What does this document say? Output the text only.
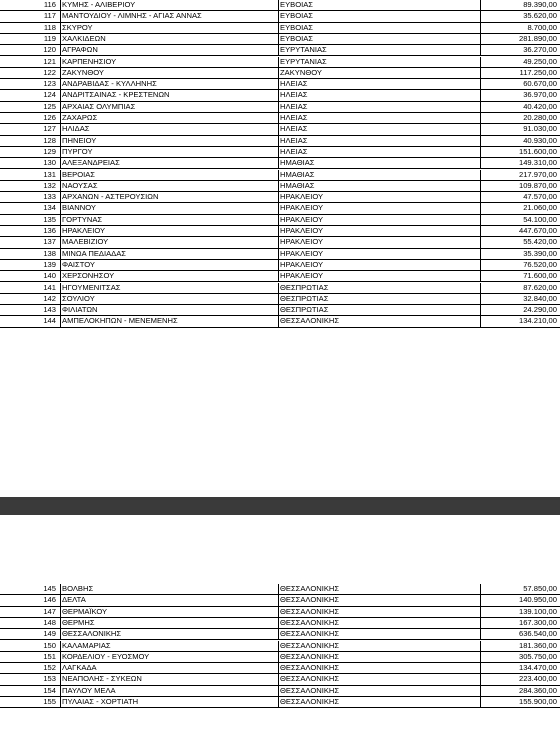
116 ΚΥΜΗΣ - ΑΛΙΒΕΡΙΟΥ	ΕΥΒΟΙΑΣ	89.390,00
117 ΜΑΝΤΟΥΔΙΟΥ - ΛΙΜΝΗΣ - ΑΓΙΑΣ ΑΝΝΑΣ	ΕΥΒΟΙΑΣ	35.620,00
118 ΣΚΥΡΟΥ	ΕΥΒΟΙΑΣ	8.700,00
119 ΧΑΛΚΙΔΕΩΝ	ΕΥΒΟΙΑΣ	281.890,00
120 ΑΓΡΑΦΩΝ	ΕΥΡΥΤΑΝΙΑΣ	36.270,00
121 ΚΑΡΠΕΝΗΣΙΟΥ	ΕΥΡΥΤΑΝΙΑΣ	49.250,00
122 ΖΑΚΥΝΘΟΥ	ΖΑΚΥΝΘΟΥ	117.250,00
123 ΑΝΔΡΑΒΙΔΑΣ - ΚΥΛΛΗΝΗΣ	ΗΛΕΙΑΣ	60.670,00
124 ΑΝΔΡΙΤΣΑΙΝΑΣ - ΚΡΕΣΤΕΝΩΝ	ΗΛΕΙΑΣ	36.970,00
125 ΑΡΧΑΙΑΣ ΟΛΥΜΠΙΑΣ	ΗΛΕΙΑΣ	40.420,00
126 ΖΑΧΑΡΩΣ	ΗΛΕΙΑΣ	20.280,00
127 ΗΛΙΔΑΣ	ΗΛΕΙΑΣ	91.030,00
128 ΠΗΝΕΙΟΥ	ΗΛΕΙΑΣ	40.930,00
129 ΠΥΡΓΟΥ	ΗΛΕΙΑΣ	151.600,00
130 ΑΛΕΞΑΝΔΡΕΙΑΣ	ΗΜΑΘΙΑΣ	149.310,00
131 ΒΕΡΟΙΑΣ	ΗΜΑΘΙΑΣ	217.970,00
132 ΝΑΟΥΣΑΣ	ΗΜΑΘΙΑΣ	109.870,00
133 ΑΡΧΑΝΩΝ - ΑΣΤΕΡΟΥΣΙΩΝ	ΗΡΑΚΛΕΙΟΥ	47.570,00
134 ΒΙΑΝΝΟΥ	ΗΡΑΚΛΕΙΟΥ	21.060,00
135 ΓΟΡΤΥΝΑΣ	ΗΡΑΚΛΕΙΟΥ	54.100,00
136 ΗΡΑΚΛΕΙΟΥ	ΗΡΑΚΛΕΙΟΥ	447.670,00
137 ΜΑΛΕΒΙΖΙΟΥ	ΗΡΑΚΛΕΙΟΥ	55.420,00
138 ΜΙΝΩΑ ΠΕΔΙΑΔΑΣ	ΗΡΑΚΛΕΙΟΥ	35.390,00
139 ΦΑΙΣΤΟΥ	ΗΡΑΚΛΕΙΟΥ	76.520,00
140 ΧΕΡΣΟΝΗΣΟΥ	ΗΡΑΚΛΕΙΟΥ	71.600,00
141 ΗΓΟΥΜΕΝΙΤΣΑΣ	ΘΕΣΠΡΩΤΙΑΣ	87.620,00
142 ΣΟΥΛΙΟΥ	ΘΕΣΠΡΩΤΙΑΣ	32.840,00
143 ΦΙΛΙΑΤΩΝ	ΘΕΣΠΡΩΤΙΑΣ	24.290,00
144 ΑΜΠΕΛΟΚΗΠΩΝ - ΜΕΝΕΜΕΝΗΣ	ΘΕΣΣΑΛΟΝΙΚΗΣ	134.210,00
145 ΒΟΛΒΗΣ	ΘΕΣΣΑΛΟΝΙΚΗΣ	57.850,00
146 ΔΕΛΤΑ	ΘΕΣΣΑΛΟΝΙΚΗΣ	140.950,00
147 ΘΕΡΜΑΪΚΟΥ	ΘΕΣΣΑΛΟΝΙΚΗΣ	139.100,00
148 ΘΕΡΜΗΣ	ΘΕΣΣΑΛΟΝΙΚΗΣ	167.300,00
149 ΘΕΣΣΑΛΟΝΙΚΗΣ	ΘΕΣΣΑΛΟΝΙΚΗΣ	636.540,00
150 ΚΑΛΑΜΑΡΙΑΣ	ΘΕΣΣΑΛΟΝΙΚΗΣ	181.360,00
151 ΚΟΡΔΕΛΙΟΥ - ΕΥΟΣΜΟΥ	ΘΕΣΣΑΛΟΝΙΚΗΣ	305.750,00
152 ΛΑΓΚΑΔΑ	ΘΕΣΣΑΛΟΝΙΚΗΣ	134.470,00
153 ΝΕΑΠΟΛΗΣ - ΣΥΚΕΩΝ	ΘΕΣΣΑΛΟΝΙΚΗΣ	223.400,00
154 ΠΑΥΛΟΥ ΜΕΛΑ	ΘΕΣΣΑΛΟΝΙΚΗΣ	284.360,00
155 ΠΥΛΑΙΑΣ - ΧΟΡΤΙΑΤΗ	ΘΕΣΣΑΛΟΝΙΚΗΣ	155.900,00
